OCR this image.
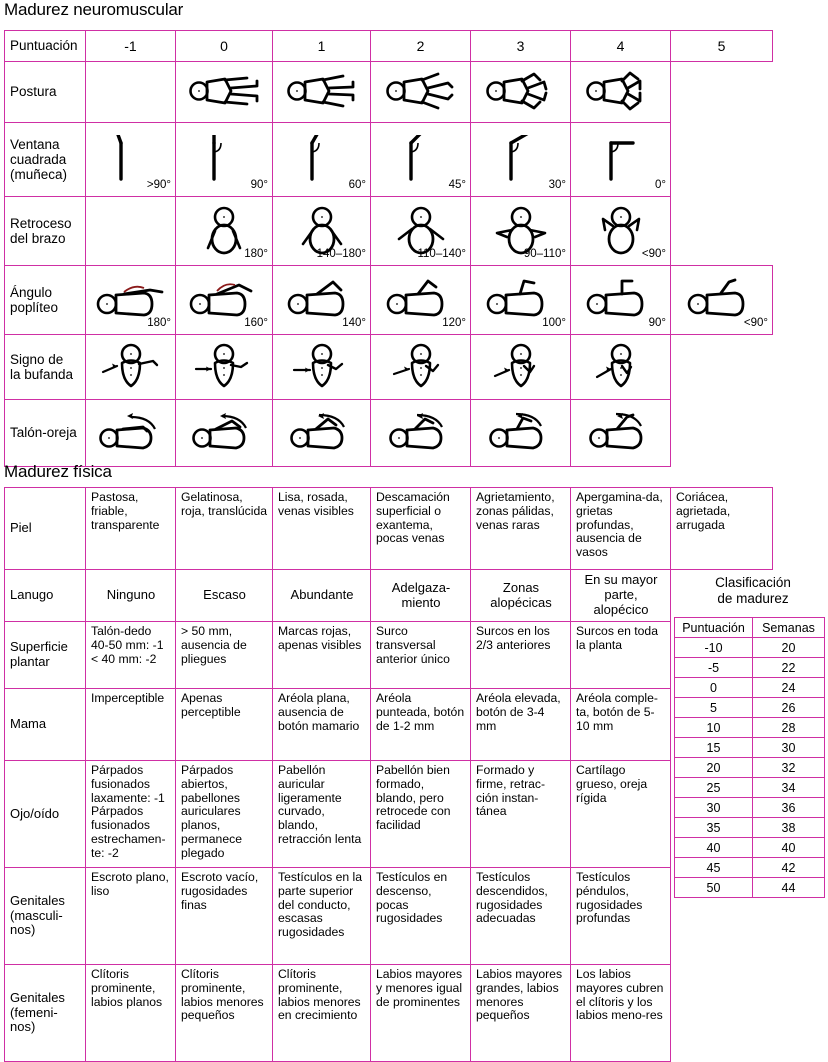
Madurez neuromuscular
Puntuación	-1	0	1	2	3	4	5

Postura

Ventana
cuadrada
(muñeca)	>90°	90°	60°	45°	30°	0°	

Retroceso
del brazo		180°	140–180°	110–140°	90–110°	<90°	

Ángulo
poplíteo	180°	160°	140°	120°	100°	90°	<90°

Signo de
la bufanda

Talón-oreja

Madurez física
Piel	Pastosa, friable, transparente	Gelatinosa, roja, translúcida	Lisa, rosada, venas visibles	Descamación superficial o exantema, pocas venas	Agrietamiento, zonas pálidas, venas raras	Apergamina-da, grietas profundas, ausencia de vasos	Coriácea, agrietada, arrugada
Lanugo	Ninguno	Escaso	Abundante	Adelgaza-miento	Zonas alopécicas	En su mayor parte, alopécico	
Superficie plantar	Talón-dedo 40-50 mm: -1 < 40 mm: -2	> 50 mm, ausencia de pliegues	Marcas rojas, apenas visibles	Surco transversal anterior único	Surcos en los 2/3 anteriores	Surcos en toda la planta	
Mama	Imperceptible	Apenas perceptible	Aréola plana, ausencia de botón mamario	Aréola punteada, botón de 1-2 mm	Aréola elevada, botón de 3-4 mm	Aréola comple-ta, botón de 5-10 mm	
Ojo/oído	Párpados fusionados laxamente: -1 Párpados fusionados estrechamen-te: -2	Párpados abiertos, pabellones auriculares planos, permanece plegado	Pabellón auricular ligeramente curvado, blando, retracción lenta	Pabellón bien formado, blando, pero retrocede con facilidad	Formado y firme, retrac-ción instan-tánea	Cartílago grueso, oreja rígida	
Genitales (masculi-nos)	Escroto plano, liso	Escroto vacío, rugosidades finas	Testículos en la parte superior del conducto, escasas rugosidades	Testículos en descenso, pocas rugosidades	Testículos descendidos, rugosidades adecuadas	Testículos péndulos, rugosidades profundas	
Genitales (femeni-nos)	Clítoris prominente, labios planos	Clítoris prominente, labios menores pequeños	Clítoris prominente, labios menores en crecimiento	Labios mayores y menores igual de prominentes	Labios mayores grandes, labios menores pequeños	Los labios mayores cubren el clítoris y los labios meno-res	
Clasificación
de madurez
Puntuación	Semanas
-10	20
-5	22
0	24
5	26
10	28
15	30
20	32
25	34
30	36
35	38
40	40
45	42
50	44
